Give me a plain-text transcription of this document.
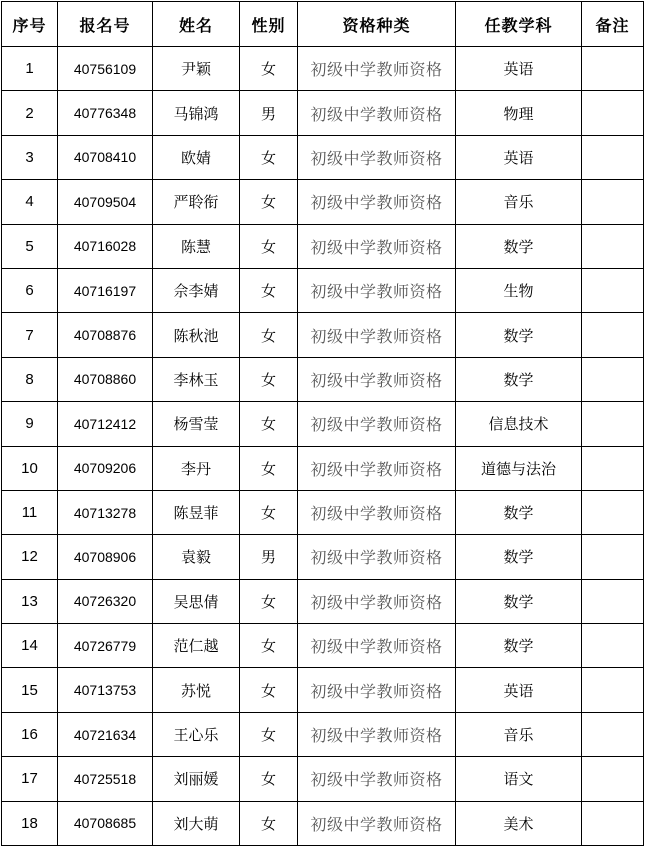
序号	报名号	姓名	性别	资格种类	任教学科	备注
1	40756109	尹颖	女	初级中学教师资格	英语	
2	40776348	马锦鸿	男	初级中学教师资格	物理	
3	40708410	欧婧	女	初级中学教师资格	英语	
4	40709504	严聆衔	女	初级中学教师资格	音乐	
5	40716028	陈慧	女	初级中学教师资格	数学	
6	40716197	佘李婧	女	初级中学教师资格	生物	
7	40708876	陈秋池	女	初级中学教师资格	数学	
8	40708860	李林玉	女	初级中学教师资格	数学	
9	40712412	杨雪莹	女	初级中学教师资格	信息技术	
10	40709206	李丹	女	初级中学教师资格	道德与法治	
11	40713278	陈昱菲	女	初级中学教师资格	数学	
12	40708906	袁毅	男	初级中学教师资格	数学	
13	40726320	吴思倩	女	初级中学教师资格	数学	
14	40726779	范仁越	女	初级中学教师资格	数学	
15	40713753	苏悦	女	初级中学教师资格	英语	
16	40721634	王心乐	女	初级中学教师资格	音乐	
17	40725518	刘丽媛	女	初级中学教师资格	语文	
18	40708685	刘大萌	女	初级中学教师资格	美术	
